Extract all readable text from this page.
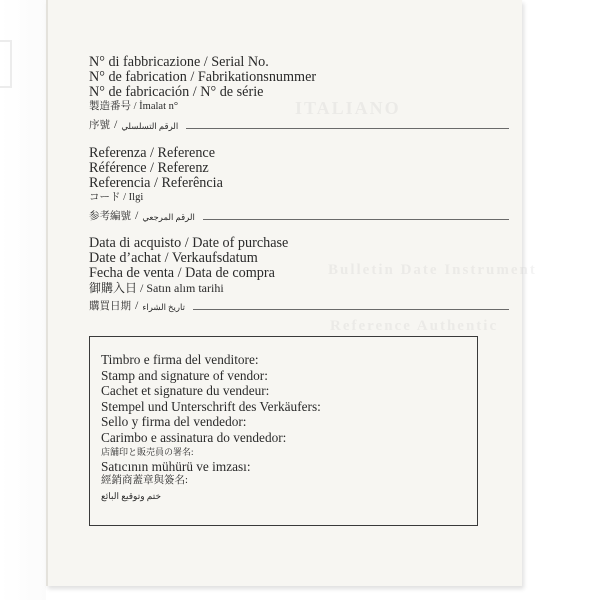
ITALIANO
Bulletin Date Instrument
Reference Authentic
N° di fabbricazione / Serial No.
N° de fabrication / Fabrikationsnummer
N° de fabricación / N° de série
製造番号 / İmalat n°
序號 / الرقم التسلسلي
Referenza / Reference
Référence / Referenz
Referencia / Referência
コード / Ilgi
参考編號 / الرقم المرجعي
Data di acquisto / Date of purchase
Date d’achat / Verkaufsdatum
Fecha de venta / Data de compra
御購入日 / Satın alım tarihi
購買日期 / تاريخ الشراء
Timbro e firma del venditore:
Stamp and signature of vendor:
Cachet et signature du vendeur:
Stempel und Unterschrift des Verkäufers:
Sello y firma del vendedor:
Carimbo e assinatura do vendedor:
店舗印と販売員の署名:
Satıcının mühürü ve imzası:
經銷商蓋章與簽名:
ختم وتوقيع البائع
